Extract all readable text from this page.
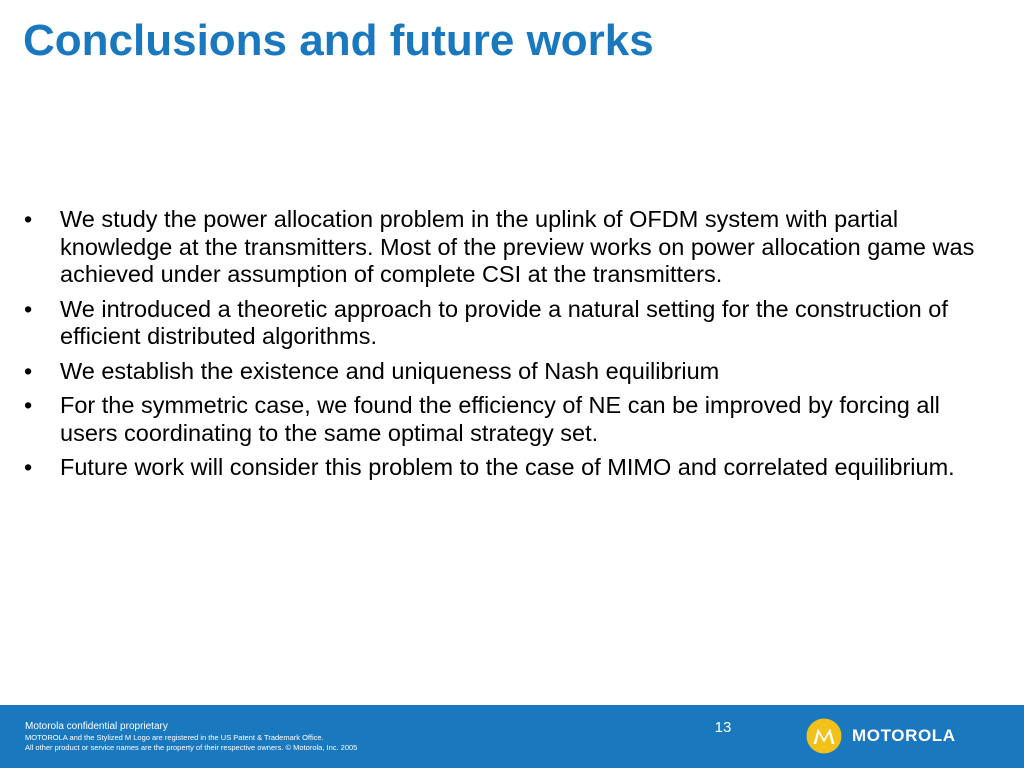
Conclusions and future works
•	We study the power allocation problem in the uplink of OFDM system with partial knowledge at the transmitters. Most of the preview works on power allocation game was achieved under assumption of complete CSI at the transmitters.
•	We introduced a theoretic approach to provide a natural setting for the construction of efficient distributed algorithms.
•	We establish the existence and uniqueness of Nash equilibrium
•	For the symmetric case, we found the efficiency of NE can be improved by forcing all users coordinating to the same optimal strategy set.
•	Future work will consider this problem to the case of MIMO and correlated equilibrium.
Motorola confidential proprietary
MOTOROLA and the Stylized M Logo are registered in the US Patent & Trademark Office.
All other product or service names are the property of their respective owners. © Motorola, Inc. 2005
13	MOTOROLA
